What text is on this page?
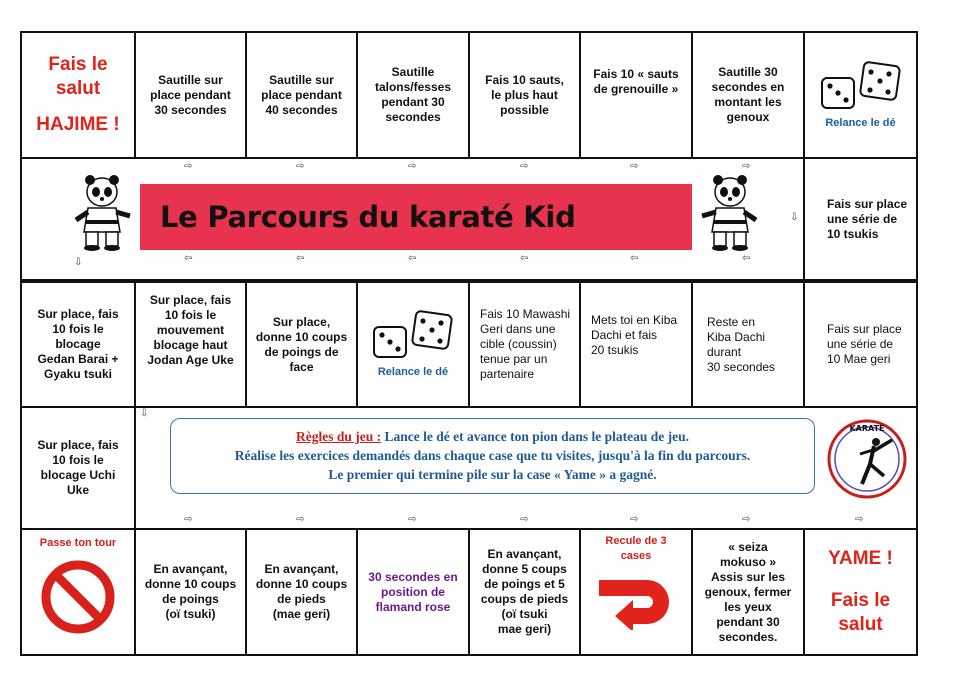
Fais le
salut
HAJIME !
Sautille sur
place pendant
30 secondes
Sautille sur
place pendant
40 secondes
Sautille
talons/fesses
pendant 30
secondes
Fais 10 sauts,
le plus haut
possible
Fais 10 « sauts
de grenouille »
Sautille 30
secondes en
montant les
genoux	Relance le dé
Le Parcours du karaté Kid	Fais sur place
une série de
10 tsukis
Sur place, fais
10 fois le
blocage
Gedan Barai +
Gyaku tsuki
Sur place, fais
10 fois le
mouvement
blocage haut
Jodan Age Uke
Sur place,
donne 10 coups
de poings de
face	Relance le dé
Fais 10 Mawashi
Geri dans une
cible (coussin)
tenue par un
partenaire
Mets toi en Kiba
Dachi et fais
20 tsukis
Reste en
Kiba Dachi
durant
30 secondes
Fais sur place
une série de
10 Mae geri
Sur place, fais
10 fois le
blocage Uchi
Uke
Règles du jeu : Lance le dé et avance ton pion dans le plateau de jeu.
Réalise les exercices demandés dans chaque case que tu visites, jusqu'à la fin du parcours.
Le premier qui termine pile sur la case « Yame » a gagné.
KARATE
Passe ton tour
En avançant,
donne 10 coups
de poings
(oï tsuki)
En avançant,
donne 10 coups
de pieds
(mae geri)
30 secondes en
position de
flamand rose
En avançant,
donne 5 coups
de poings et 5
coups de pieds
(oï tsuki
mae geri)
Recule de 3
cases
« seiza
mokuso »
Assis sur les
genoux, fermer
les yeux
pendant 30
secondes.
YAME !
Fais le
salut
⇨	⇨	⇨	⇨	⇨	⇨
⇩
⇦	⇦	⇦	⇦	⇦	⇦
⇩
⇩
⇨	⇨	⇨	⇨	⇨	⇨	⇨
